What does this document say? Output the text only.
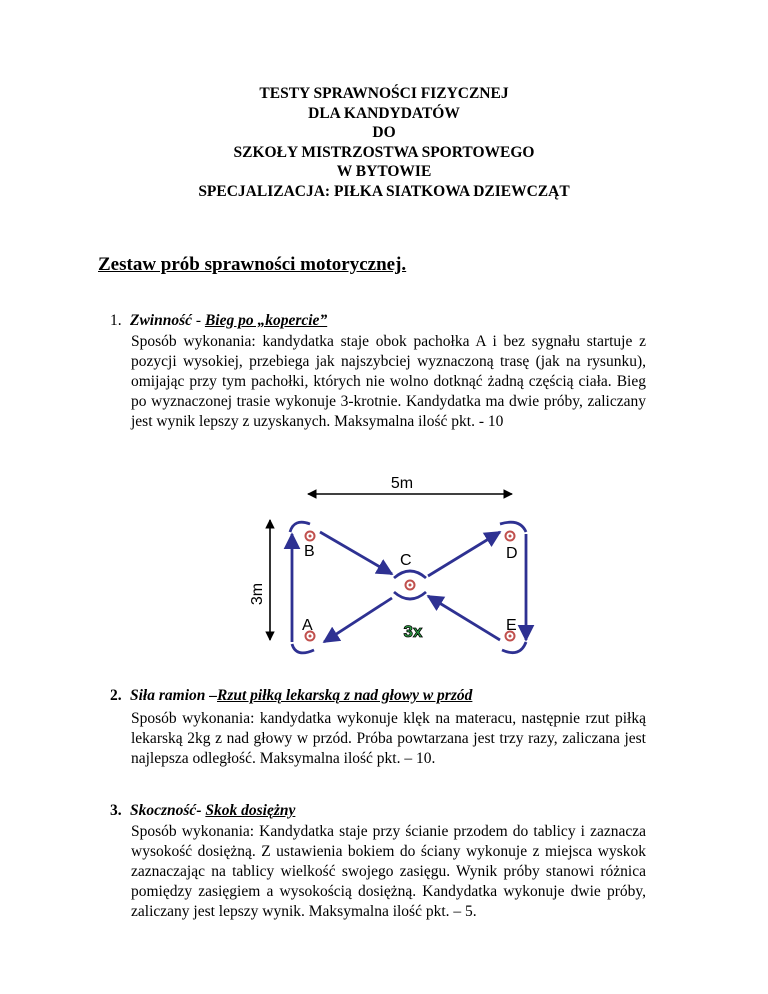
TESTY SPRAWNOŚCI FIZYCZNEJ
DLA KANDYDATÓW
DO
SZKOŁY MISTRZOSTWA SPORTOWEGO
W BYTOWIE
SPECJALIZACJA: PIŁKA SIATKOWA DZIEWCZĄT
Zestaw prób sprawności motorycznej.
1. Zwinność - Bieg po „kopercie”
Sposób wykonania: kandydatka staje obok pachołka A i bez sygnału startuje z pozycji wysokiej, przebiega jak najszybciej wyznaczoną trasę (jak na rysunku), omijając przy tym pachołki, których nie wolno dotknąć żadną częścią ciała. Bieg po wyznaczonej trasie wykonuje 3-krotnie. Kandydatka ma dwie próby, zaliczany jest wynik lepszy z uzyskanych. Maksymalna ilość pkt. - 10
5m
3m
B	D
C
A	E
3x
2. Siła ramion –Rzut piłką lekarską z nad głowy w przód
Sposób wykonania: kandydatka wykonuje klęk na materacu, następnie rzut piłką lekarską 2kg z nad głowy w przód. Próba powtarzana jest trzy razy, zaliczana jest najlepsza odległość. Maksymalna ilość pkt. – 10.
3. Skoczność- Skok dosiężny
Sposób wykonania: Kandydatka staje przy ścianie przodem do tablicy i zaznacza wysokość dosiężną. Z ustawienia bokiem do ściany wykonuje z miejsca wyskok zaznaczając na tablicy wielkość swojego zasięgu. Wynik próby stanowi różnica pomiędzy zasięgiem a wysokością dosiężną. Kandydatka wykonuje dwie próby, zaliczany jest lepszy wynik. Maksymalna ilość pkt. – 5.
